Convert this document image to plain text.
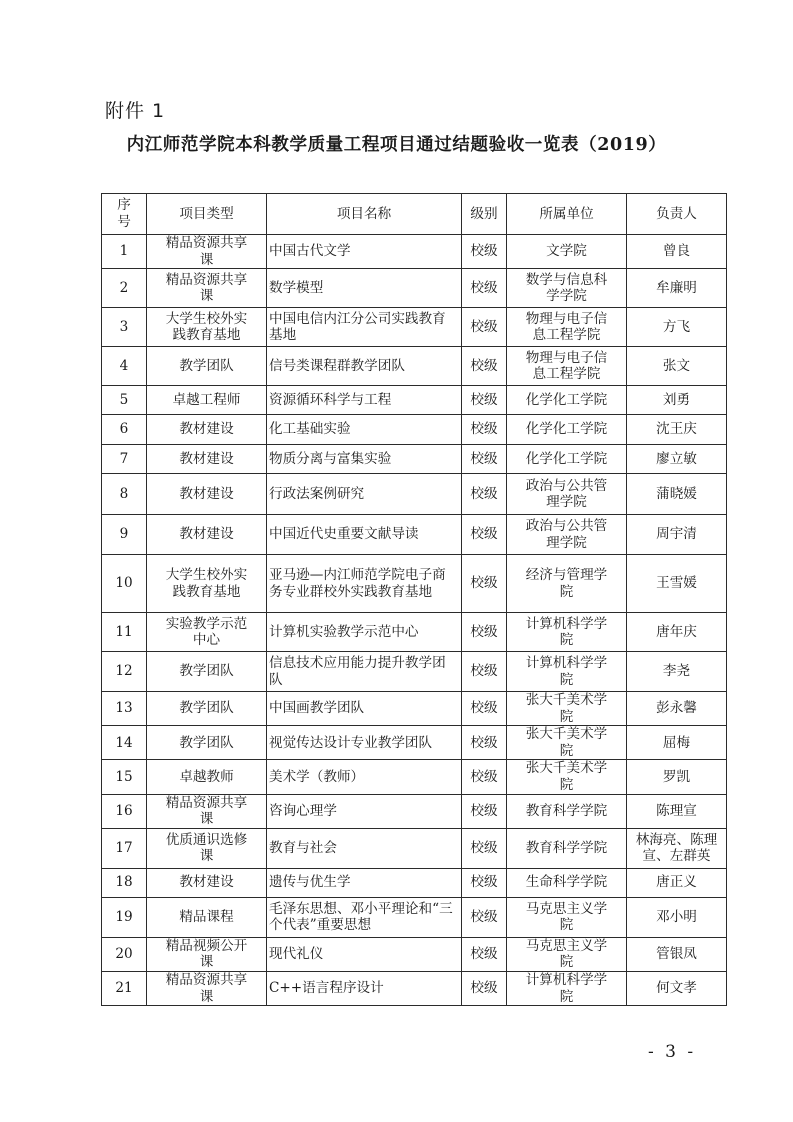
附件 1
内江师范学院本科教学质量工程项目通过结题验收一览表（2019）
序号	项目类型	项目名称	级别	所属单位	负责人
1	精品资源共享课	中国古代文学	校级	文学院	曾良
2	精品资源共享课	数学模型	校级	数学与信息科学学院	牟廉明
3	大学生校外实践教育基地	中国电信内江分公司实践教育基地	校级	物理与电子信息工程学院	方飞
4	教学团队	信号类课程群教学团队	校级	物理与电子信息工程学院	张文
5	卓越工程师	资源循环科学与工程	校级	化学化工学院	刘勇
6	教材建设	化工基础实验	校级	化学化工学院	沈王庆
7	教材建设	物质分离与富集实验	校级	化学化工学院	廖立敏
8	教材建设	行政法案例研究	校级	政治与公共管理学院	蒲晓媛
9	教材建设	中国近代史重要文献导读	校级	政治与公共管理学院	周宇清
10	大学生校外实践教育基地	亚马逊—内江师范学院电子商务专业群校外实践教育基地	校级	经济与管理学院	王雪媛
11	实验教学示范中心	计算机实验教学示范中心	校级	计算机科学学院	唐年庆
12	教学团队	信息技术应用能力提升教学团队	校级	计算机科学学院	李尧
13	教学团队	中国画教学团队	校级	张大千美术学院	彭永馨
14	教学团队	视觉传达设计专业教学团队	校级	张大千美术学院	屈梅
15	卓越教师	美术学（教师）	校级	张大千美术学院	罗凯
16	精品资源共享课	咨询心理学	校级	教育科学学院	陈理宣
17	优质通识选修课	教育与社会	校级	教育科学学院	林海亮、陈理宣、左群英
18	教材建设	遗传与优生学	校级	生命科学学院	唐正义
19	精品课程	毛泽东思想、邓小平理论和“三个代表”重要思想	校级	马克思主义学院	邓小明
20	精品视频公开课	现代礼仪	校级	马克思主义学院	管银凤
21	精品资源共享课	C++语言程序设计	校级	计算机科学学院	何文孝
- 3 -
